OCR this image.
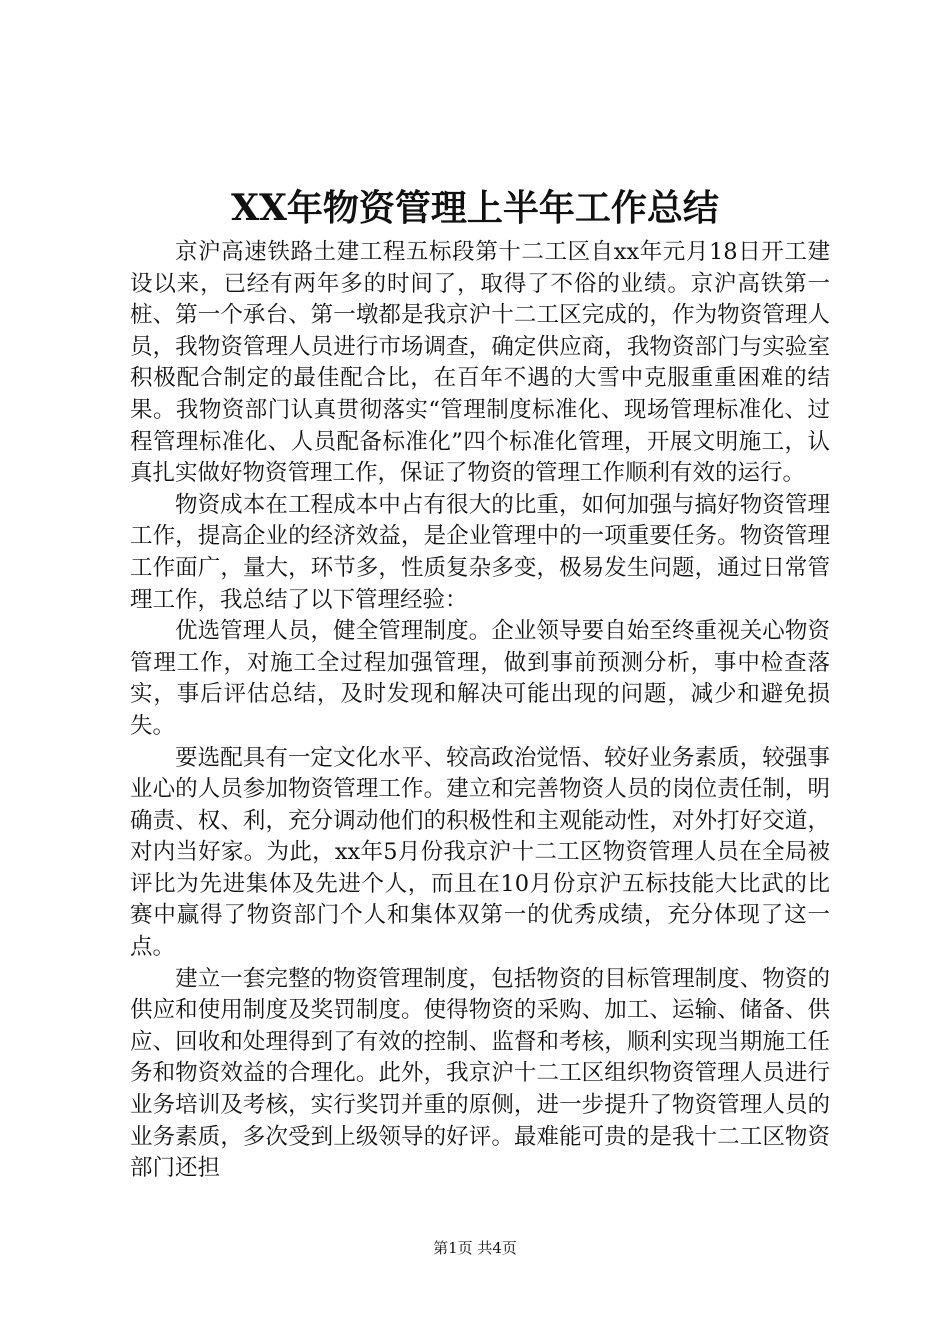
XX年物资管理上半年工作总结

京沪高速铁路土建工程五标段第十二工区自xx年元月18日开工建设以来，已经有两年多的时间了，取得了不俗的业绩。京沪高铁第一桩、第一个承台、第一墩都是我京沪十二工区完成的，作为物资管理人员，我物资管理人员进行市场调查，确定供应商，我物资部门与实验室积极配合制定的最佳配合比，在百年不遇的大雪中克服重重困难的结果。我物资部门认真贯彻落实“管理制度标准化、现场管理标准化、过程管理标准化、人员配备标准化”四个标准化管理，开展文明施工，认真扎实做好物资管理工作，保证了物资的管理工作顺利有效的运行。

物资成本在工程成本中占有很大的比重，如何加强与搞好物资管理工作，提高企业的经济效益，是企业管理中的一项重要任务。物资管理工作面广，量大，环节多，性质复杂多变，极易发生问题，通过日常管理工作，我总结了以下管理经验：

优选管理人员，健全管理制度。企业领导要自始至终重视关心物资管理工作，对施工全过程加强管理，做到事前预测分析，事中检查落实，事后评估总结，及时发现和解决可能出现的问题，减少和避免损失。

要选配具有一定文化水平、较高政治觉悟、较好业务素质，较强事业心的人员参加物资管理工作。建立和完善物资人员的岗位责任制，明确责、权、利，充分调动他们的积极性和主观能动性，对外打好交道，对内当好家。为此，xx年5月份我京沪十二工区物资管理人员在全局被评比为先进集体及先进个人，而且在10月份京沪五标技能大比武的比赛中赢得了物资部门个人和集体双第一的优秀成绩，充分体现了这一点。

建立一套完整的物资管理制度，包括物资的目标管理制度、物资的供应和使用制度及奖罚制度。使得物资的采购、加工、运输、储备、供应、回收和处理得到了有效的控制、监督和考核，顺利实现当期施工任务和物资效益的合理化。此外，我京沪十二工区组织物资管理人员进行业务培训及考核，实行奖罚并重的原侧，进一步提升了物资管理人员的业务素质，多次受到上级领导的好评。最难能可贵的是我十二工区物资部门还担

第1页 共4页
